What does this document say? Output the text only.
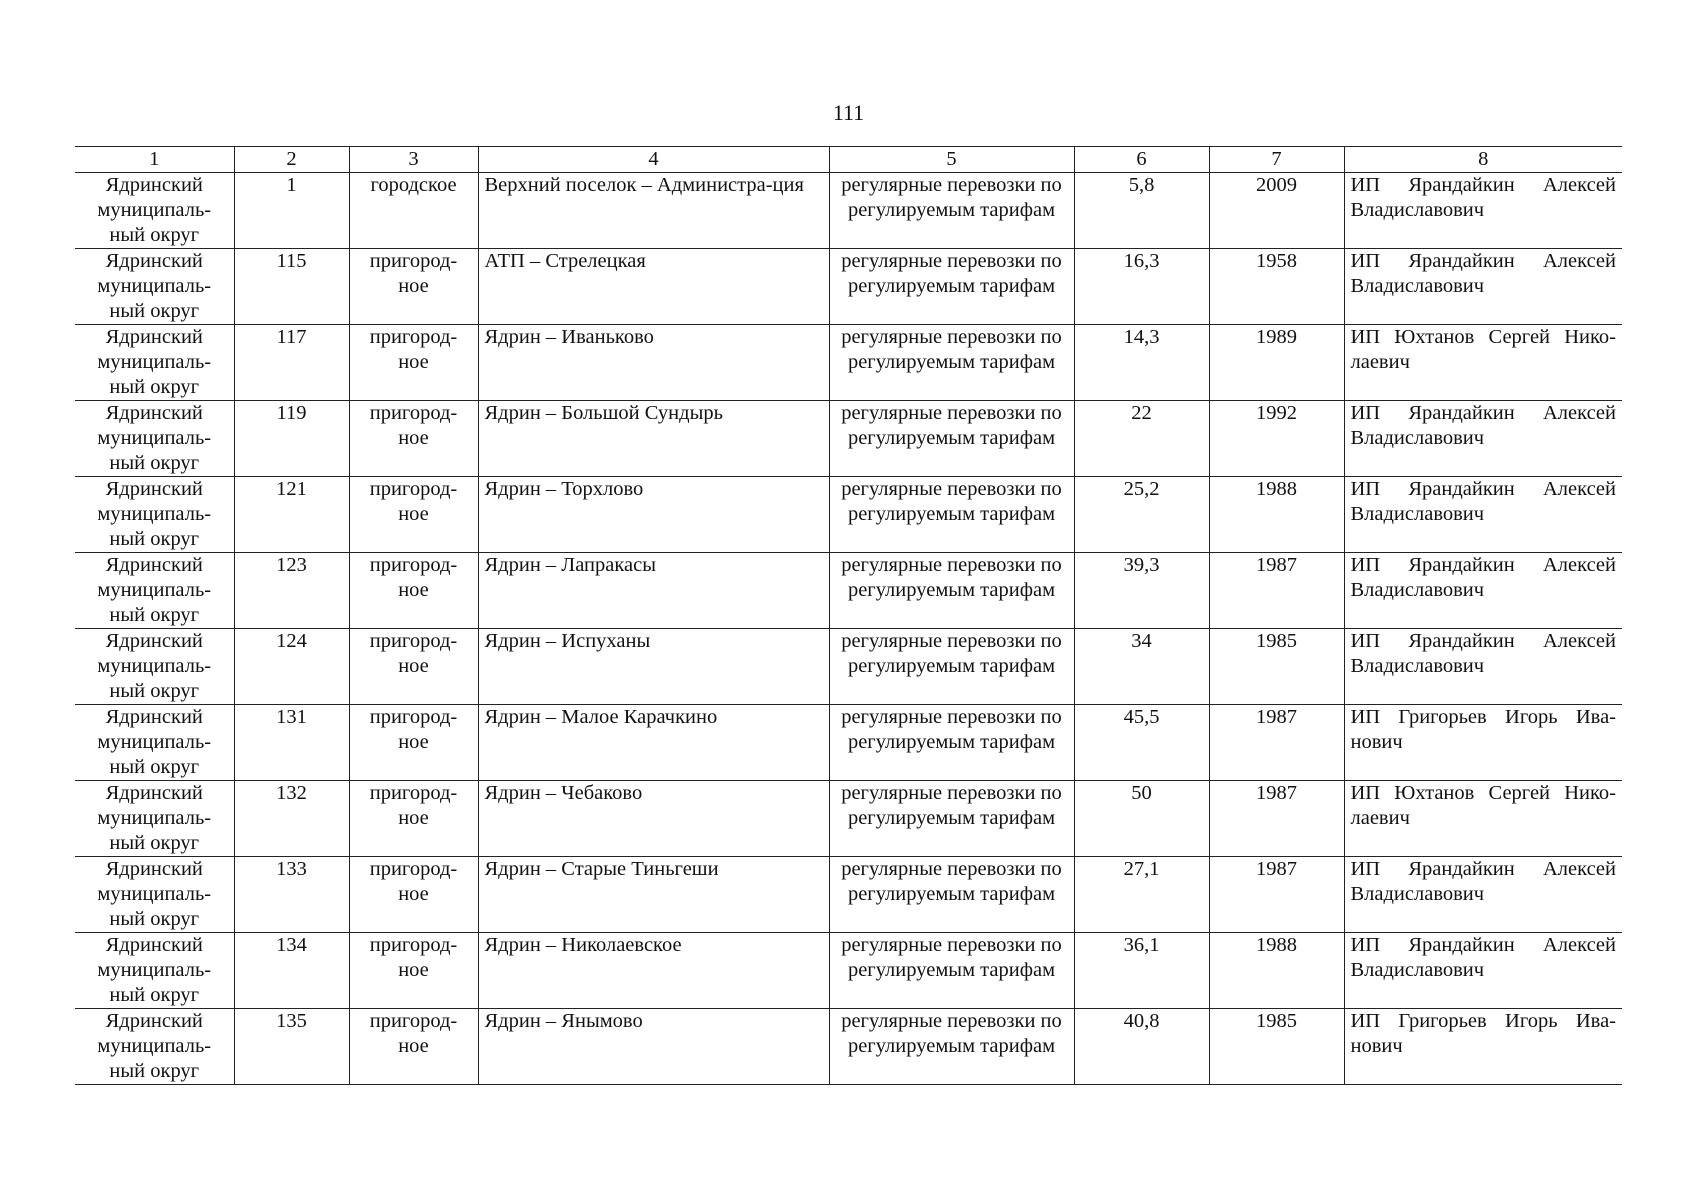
111
1	2	3	4	5	6	7	8
Ядринский муниципаль-ный округ	1	городское	Верхний поселок – Администра-ция	регулярные перевозки по регулируемым тарифам	5,8	2009	ИП Ярандайкин Алексей Владиславович
Ядринский муниципаль-ный округ	115	пригород-ное	АТП – Стрелецкая	регулярные перевозки по регулируемым тарифам	16,3	1958	ИП Ярандайкин Алексей Владиславович
Ядринский муниципаль-ный округ	117	пригород-ное	Ядрин – Иваньково	регулярные перевозки по регулируемым тарифам	14,3	1989	ИП Юхтанов Сергей Нико-лаевич
Ядринский муниципаль-ный округ	119	пригород-ное	Ядрин – Большой Сундырь	регулярные перевозки по регулируемым тарифам	22	1992	ИП Ярандайкин Алексей Владиславович
Ядринский муниципаль-ный округ	121	пригород-ное	Ядрин – Торхлово	регулярные перевозки по регулируемым тарифам	25,2	1988	ИП Ярандайкин Алексей Владиславович
Ядринский муниципаль-ный округ	123	пригород-ное	Ядрин – Лапракасы	регулярные перевозки по регулируемым тарифам	39,3	1987	ИП Ярандайкин Алексей Владиславович
Ядринский муниципаль-ный округ	124	пригород-ное	Ядрин – Испуханы	регулярные перевозки по регулируемым тарифам	34	1985	ИП Ярандайкин Алексей Владиславович
Ядринский муниципаль-ный округ	131	пригород-ное	Ядрин – Малое Карачкино	регулярные перевозки по регулируемым тарифам	45,5	1987	ИП Григорьев Игорь Ива-нович
Ядринский муниципаль-ный округ	132	пригород-ное	Ядрин – Чебаково	регулярные перевозки по регулируемым тарифам	50	1987	ИП Юхтанов Сергей Нико-лаевич
Ядринский муниципаль-ный округ	133	пригород-ное	Ядрин – Старые Тиньгеши	регулярные перевозки по регулируемым тарифам	27,1	1987	ИП Ярандайкин Алексей Владиславович
Ядринский муниципаль-ный округ	134	пригород-ное	Ядрин – Николаевское	регулярные перевозки по регулируемым тарифам	36,1	1988	ИП Ярандайкин Алексей Владиславович
Ядринский муниципаль-ный округ	135	пригород-ное	Ядрин – Янымово	регулярные перевозки по регулируемым тарифам	40,8	1985	ИП Григорьев Игорь Ива-нович
